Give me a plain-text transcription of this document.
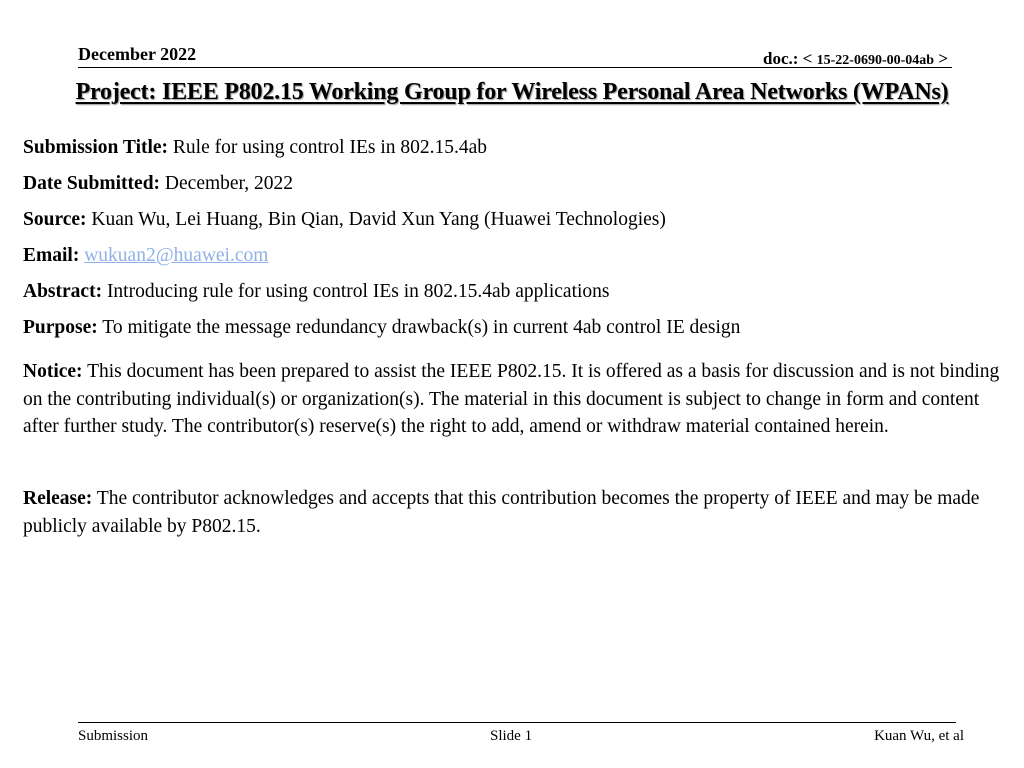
December 2022	doc.: < 15-22-0690-00-04ab >
Project: IEEE P802.15 Working Group for Wireless Personal Area Networks (WPANs)
Submission Title: Rule for using control IEs in 802.15.4ab
Date Submitted: December, 2022
Source: Kuan Wu, Lei Huang, Bin Qian, David Xun Yang (Huawei Technologies)
Email: wukuan2@huawei.com
Abstract: Introducing rule for using control IEs in 802.15.4ab applications
Purpose: To mitigate the message redundancy drawback(s) in current 4ab control IE design
Notice: This document has been prepared to assist the IEEE P802.15. It is offered as a basis for discussion and is not binding on the contributing individual(s) or organization(s). The material in this document is subject to change in form and content after further study. The contributor(s) reserve(s) the right to add, amend or withdraw material contained herein.
Release: The contributor acknowledges and accepts that this contribution becomes the property of IEEE and may be made publicly available by P802.15.
Submission	Slide 1	Kuan Wu, et al
